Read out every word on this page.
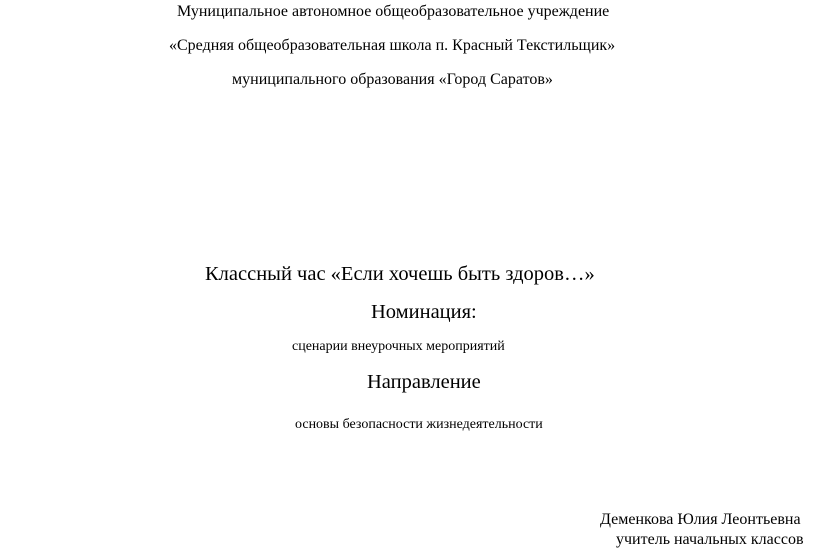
Муниципальное автономное общеобразовательное учреждение
«Средняя общеобразовательная школа п. Красный Текстильщик»
муниципального образования «Город Саратов»
Классный час «Если хочешь быть здоров…»
Номинация:
сценарии внеурочных мероприятий
Направление
основы безопасности жизнедеятельности
Деменкова Юлия Леонтьевна
учитель начальных классов
